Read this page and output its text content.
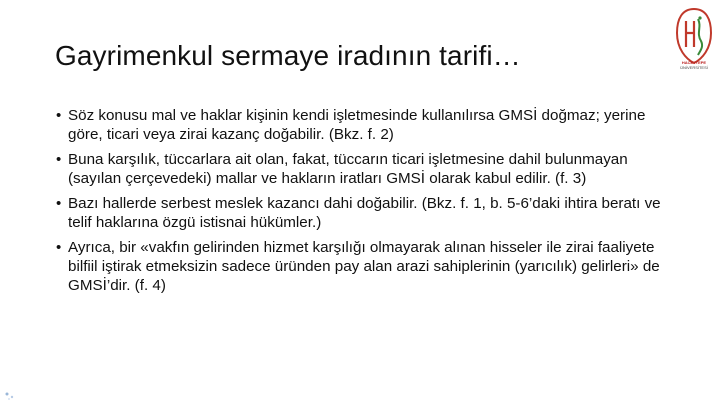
Gayrimenkul sermaye iradının tarifi…	HACETTEPE
ÜNİVERSİTESİ
• Söz konusu mal ve haklar kişinin kendi işletmesinde kullanılırsa GMSİ doğmaz; yerine göre, ticari veya zirai kazanç doğabilir. (Bkz. f. 2)
• Buna karşılık, tüccarlara ait olan, fakat, tüccarın ticari işletmesine dahil bulunmayan (sayılan çerçevedeki) mallar ve hakların iratları GMSİ olarak kabul edilir. (f. 3)
• Bazı hallerde serbest meslek kazancı dahi doğabilir. (Bkz. f. 1, b. 5-6’daki ihtira beratı ve telif haklarına özgü istisnai hükümler.)
• Ayrıca, bir «vakfın gelirinden hizmet karşılığı olmayarak alınan hisseler ile zirai faaliyete bilfiil iştirak etmeksizin sadece üründen pay alan arazi sahiplerinin (yarıcılık) gelirleri» de GMSİ’dir. (f. 4)
